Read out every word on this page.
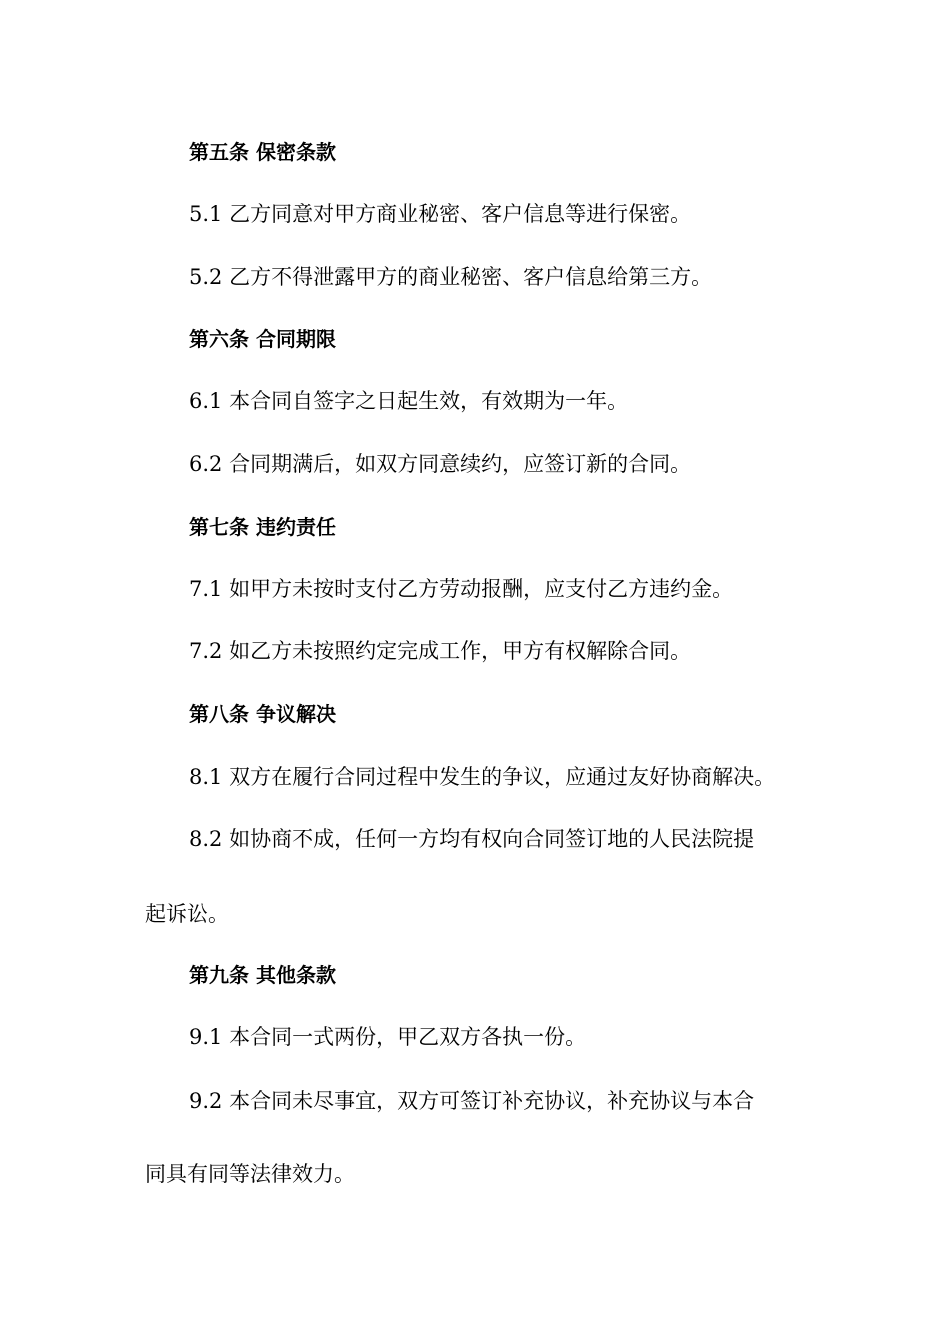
第五条 保密条款
5.1 乙方同意对甲方商业秘密、客户信息等进行保密。
5.2 乙方不得泄露甲方的商业秘密、客户信息给第三方。
第六条 合同期限
6.1 本合同自签字之日起生效，有效期为一年。
6.2 合同期满后，如双方同意续约，应签订新的合同。
第七条 违约责任
7.1 如甲方未按时支付乙方劳动报酬，应支付乙方违约金。
7.2 如乙方未按照约定完成工作，甲方有权解除合同。
第八条 争议解决
8.1 双方在履行合同过程中发生的争议，应通过友好协商解决。
8.2 如协商不成，任何一方均有权向合同签订地的人民法院提
起诉讼。
第九条 其他条款
9.1 本合同一式两份，甲乙双方各执一份。
9.2 本合同未尽事宜，双方可签订补充协议，补充协议与本合
同具有同等法律效力。
